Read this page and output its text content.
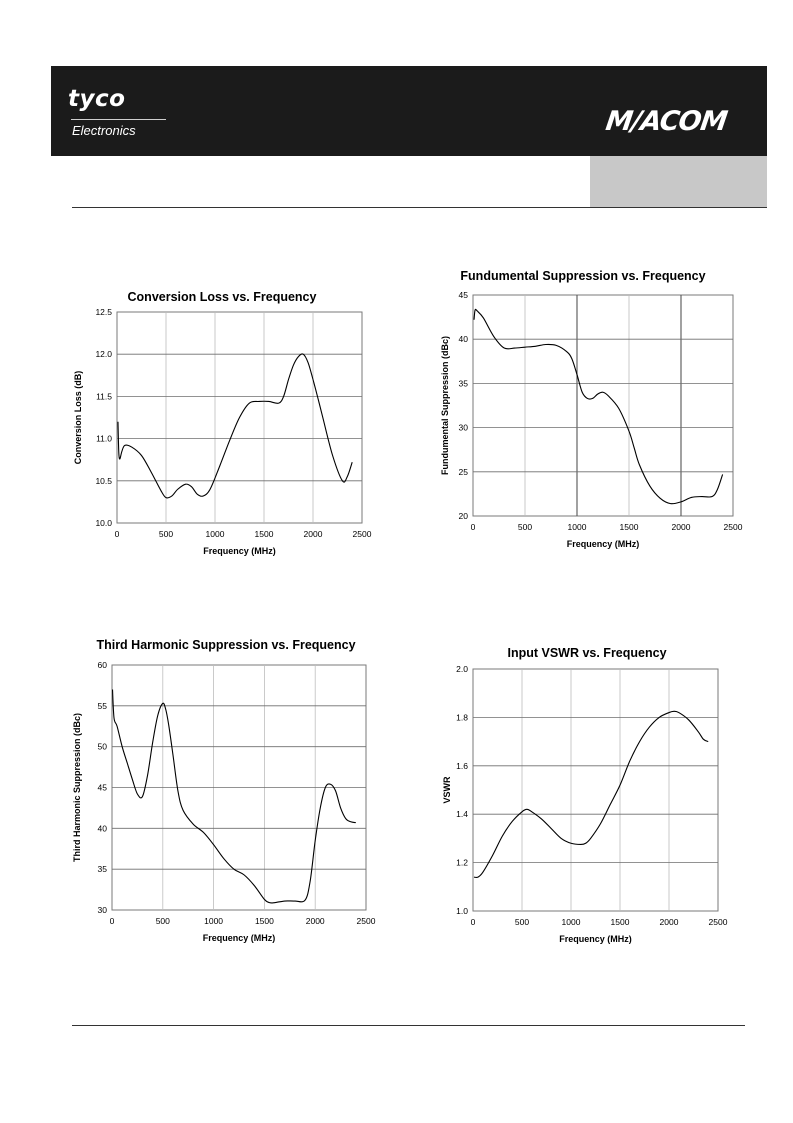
tyco
Electronics	M/ACOM
0	500	1000	1500	2000	2500
10.0
10.5
11.0
11.5
12.0
12.5
Conversion Loss vs. Frequency
Frequency (MHz)
Conversion Loss (dB)
0	500	1000	1500	2000	2500
20
25
30
35
40
45
Fundumental Suppression vs. Frequency
Frequency (MHz)
Fundumental Suppression (dBc)
0	500	1000	1500	2000	2500
30
35
40
45
50
55
60
Third Harmonic Suppression vs. Frequency
Frequency (MHz)
Third Harmonic Suppression (dBc)
0	500	1000	1500	2000	2500
1.0
1.2
1.4
1.6
1.8
2.0
Input VSWR vs. Frequency
Frequency (MHz)
VSWR
